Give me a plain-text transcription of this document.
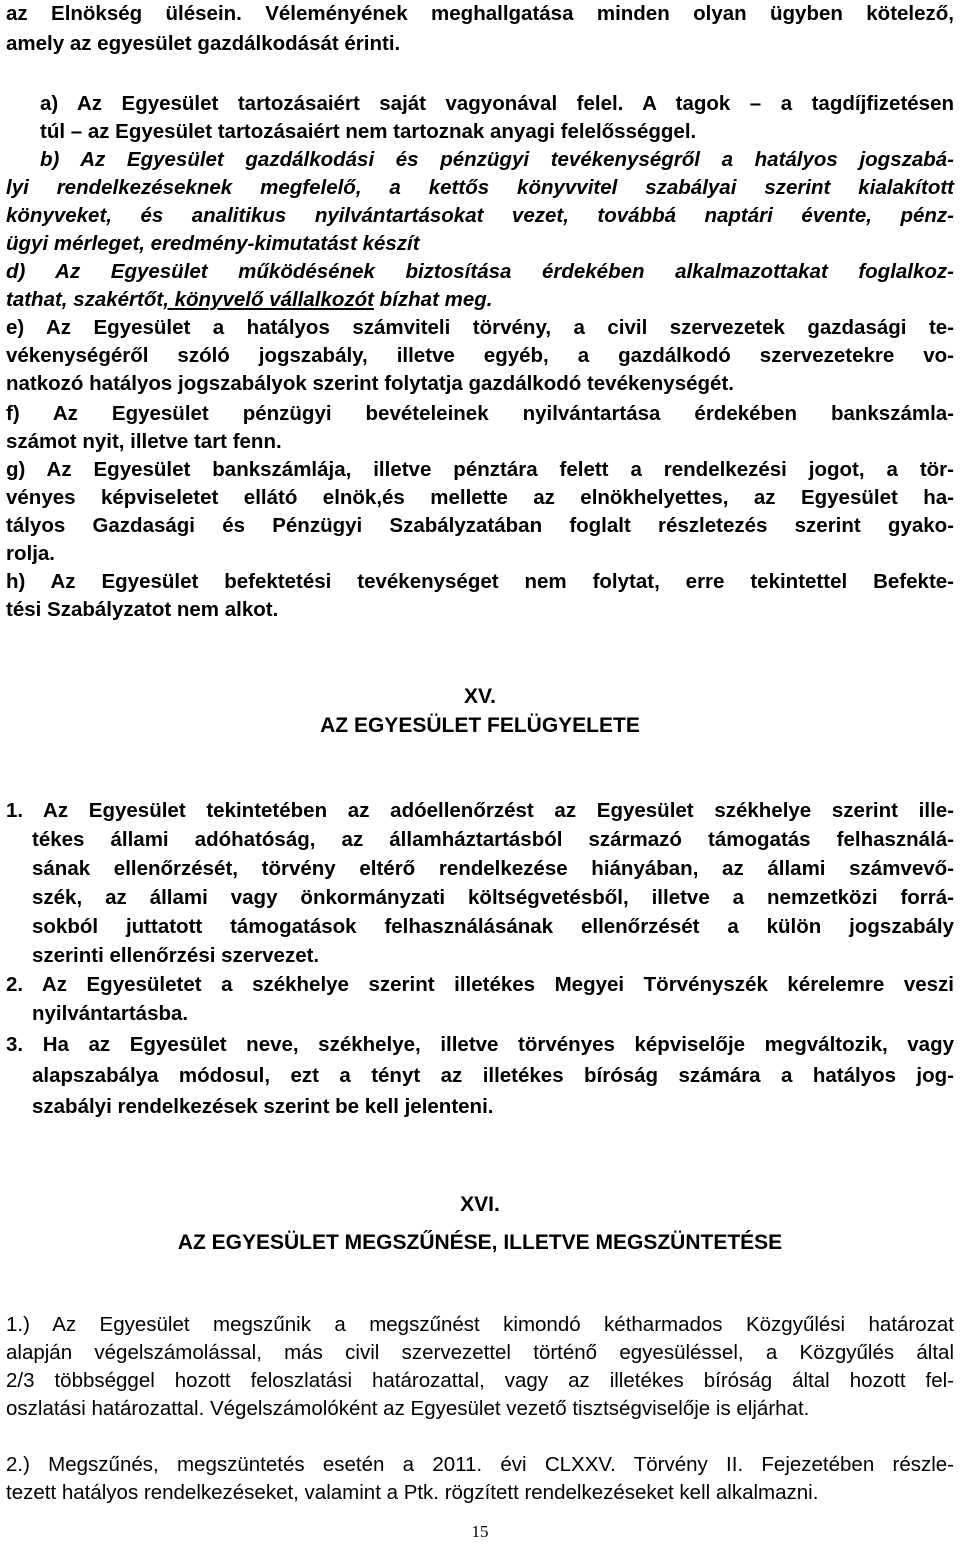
az Elnökség ülésein. Véleményének meghallgatása minden olyan ügyben kötelező,
amely az egyesület gazdálkodását érinti.
a) Az Egyesület tartozásaiért saját vagyonával felel. A tagok – a tagdíjfizetésen
túl – az Egyesület tartozásaiért nem tartoznak anyagi felelősséggel.
b) Az Egyesület gazdálkodási és pénzügyi tevékenységről a hatályos jogszabá-
lyi rendelkezéseknek megfelelő, a kettős könyvvitel szabályai szerint kialakított
könyveket, és analitikus nyilvántartásokat vezet, továbbá naptári évente, pénz-
ügyi mérleget, eredmény-kimutatást készít
d) Az Egyesület működésének biztosítása érdekében alkalmazottakat foglalkoz-
tathat, szakértőt, könyvelő vállalkozót bízhat meg.
e) Az Egyesület a hatályos számviteli törvény, a civil szervezetek gazdasági te-
vékenységéről szóló jogszabály, illetve egyéb, a gazdálkodó szervezetekre vo-
natkozó hatályos jogszabályok szerint folytatja gazdálkodó tevékenységét.
f) Az Egyesület pénzügyi bevételeinek nyilvántartása érdekében bankszámla-
számot nyit, illetve tart fenn.
g) Az Egyesület bankszámlája, illetve pénztára felett a rendelkezési jogot, a tör-
vényes képviseletet ellátó elnök,és mellette az elnökhelyettes, az Egyesület ha-
tályos Gazdasági és Pénzügyi Szabályzatában foglalt részletezés szerint gyako-
rolja.
h) Az Egyesület befektetési tevékenységet nem folytat, erre tekintettel Befekte-
tési Szabályzatot nem alkot.
XV.
AZ EGYESÜLET FELÜGYELETE
1. Az Egyesület tekintetében az adóellenőrzést az Egyesület székhelye szerint ille-
tékes állami adóhatóság, az államháztartásból származó támogatás felhasználá-
sának ellenőrzését, törvény eltérő rendelkezése hiányában, az állami számvevő-
szék, az állami vagy önkormányzati költségvetésből, illetve a nemzetközi forrá-
sokból juttatott támogatások felhasználásának ellenőrzését a külön jogszabály
szerinti ellenőrzési szervezet.
2. Az Egyesületet a székhelye szerint illetékes Megyei Törvényszék kérelemre veszi
nyilvántartásba.
3. Ha az Egyesület neve, székhelye, illetve törvényes képviselője megváltozik, vagy
alapszabálya módosul, ezt a tényt az illetékes bíróság számára a hatályos jog-
szabályi rendelkezések szerint be kell jelenteni.
XVI.
AZ EGYESÜLET MEGSZŰNÉSE, ILLETVE MEGSZÜNTETÉSE
1.) Az Egyesület megszűnik a megszűnést kimondó kétharmados Közgyűlési határozat
alapján végelszámolással, más civil szervezettel történő egyesüléssel, a Közgyűlés által
2/3 többséggel hozott feloszlatási határozattal, vagy az illetékes bíróság által hozott fel-
oszlatási határozattal. Végelszámolóként az Egyesület vezető tisztségviselője is eljárhat.
2.) Megszűnés, megszüntetés esetén a 2011. évi CLXXV. Törvény II. Fejezetében részle-
tezett hatályos rendelkezéseket, valamint a Ptk. rögzített rendelkezéseket kell alkalmazni.
15
